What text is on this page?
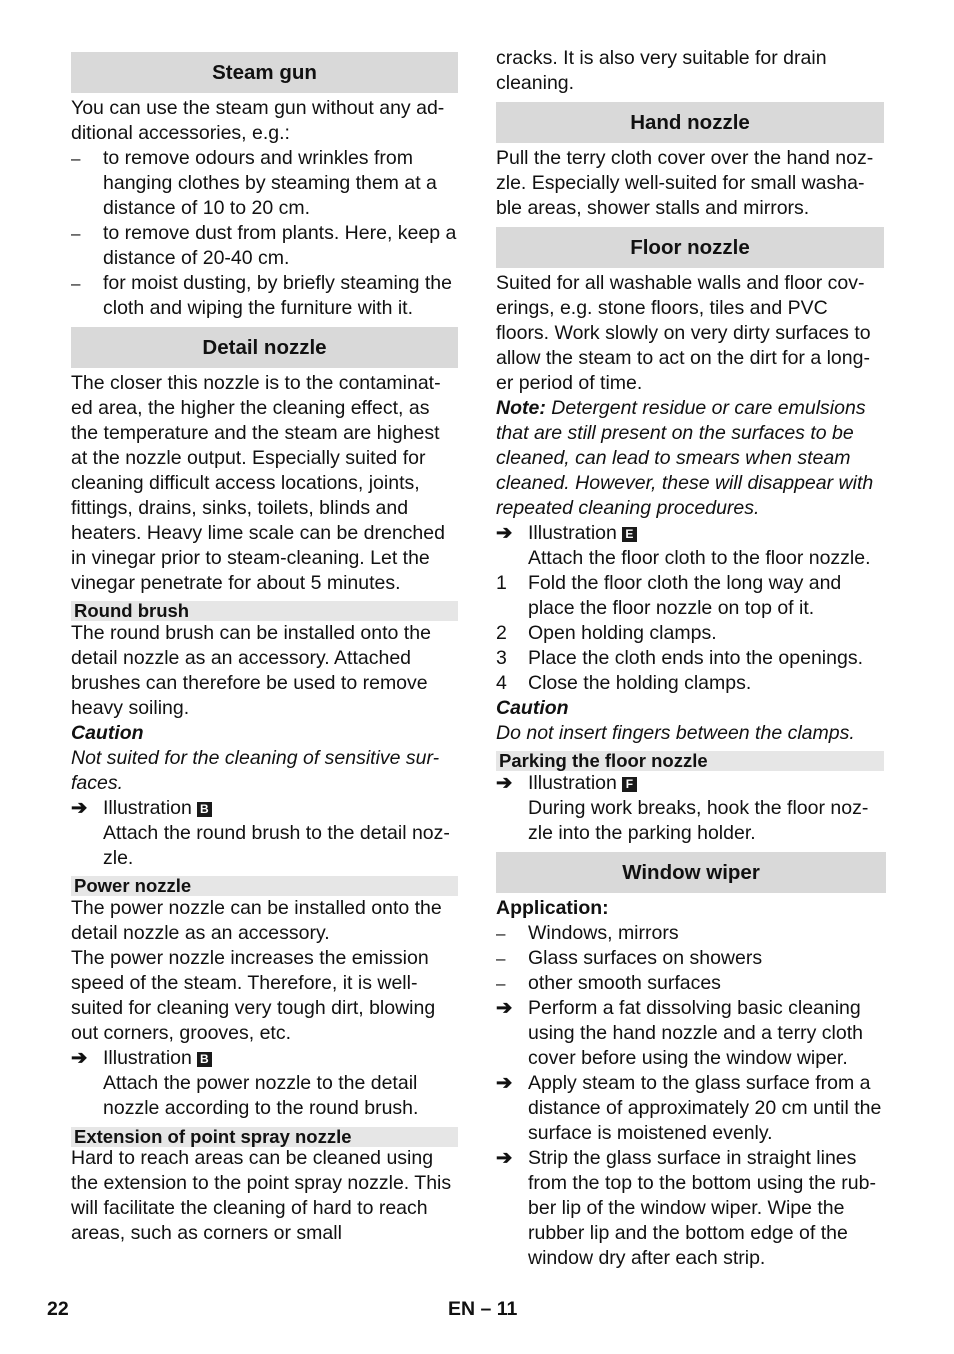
Steam gun
You can use the steam gun without any ad-ditional accessories, e.g.:
–	to remove odours and wrinkles from hanging clothes by steaming them at a distance of 10 to 20 cm.
–	to remove dust from plants. Here, keep a distance of 20-40 cm.
–	for moist dusting, by briefly steaming the cloth and wiping the furniture with it.
Detail nozzle
The closer this nozzle is to the contaminat-ed area, the higher the cleaning effect, as the temperature and the steam are highest at the nozzle output. Especially suited for cleaning difficult access locations, joints, fittings, drains, sinks, toilets, blinds and heaters. Heavy lime scale can be drenched in vinegar prior to steam-cleaning. Let the vinegar penetrate for about 5 minutes.
Round brush
The round brush can be installed onto the detail nozzle as an accessory. Attached brushes can therefore be used to remove heavy soiling.
Caution
Not suited for the cleaning of sensitive sur-faces.
➔ Illustration B
Attach the round brush to the detail noz-zle.
Power nozzle
The power nozzle can be installed onto the detail nozzle as an accessory.
The power nozzle increases the emission speed of the steam. Therefore, it is well-suited for cleaning very tough dirt, blowing out corners, grooves, etc.
➔ Illustration B
Attach the power nozzle to the detail nozzle according to the round brush.
Extension of point spray nozzle
Hard to reach areas can be cleaned using the extension to the point spray nozzle. This will facilitate the cleaning of hard to reach areas, such as corners or small
cracks. It is also very suitable for drain cleaning.
Hand nozzle
Pull the terry cloth cover over the hand noz-zle. Especially well-suited for small washa-ble areas, shower stalls and mirrors.
Floor nozzle
Suited for all washable walls and floor cov-erings, e.g. stone floors, tiles and PVC floors. Work slowly on very dirty surfaces to allow the steam to act on the dirt for a long-er period of time.
Note: Detergent residue or care emulsions that are still present on the surfaces to be cleaned, can lead to smears when steam cleaned. However, these will disappear with repeated cleaning procedures.
➔ Illustration E
Attach the floor cloth to the floor nozzle.
1	Fold the floor cloth the long way and place the floor nozzle on top of it.
2	Open holding clamps.
3	Place the cloth ends into the openings.
4	Close the holding clamps.
Caution
Do not insert fingers between the clamps.
Parking the floor nozzle
➔ Illustration F
During work breaks, hook the floor noz-zle into the parking holder.
Window wiper
Application:
–	Windows, mirrors
–	Glass surfaces on showers
–	other smooth surfaces
➔ Perform a fat dissolving basic cleaning using the hand nozzle and a terry cloth cover before using the window wiper.
➔ Apply steam to the glass surface from a distance of approximately 20 cm until the surface is moistened evenly.
➔ Strip the glass surface in straight lines from the top to the bottom using the rub-ber lip of the window wiper. Wipe the rubber lip and the bottom edge of the window dry after each strip.
22	EN – 11
